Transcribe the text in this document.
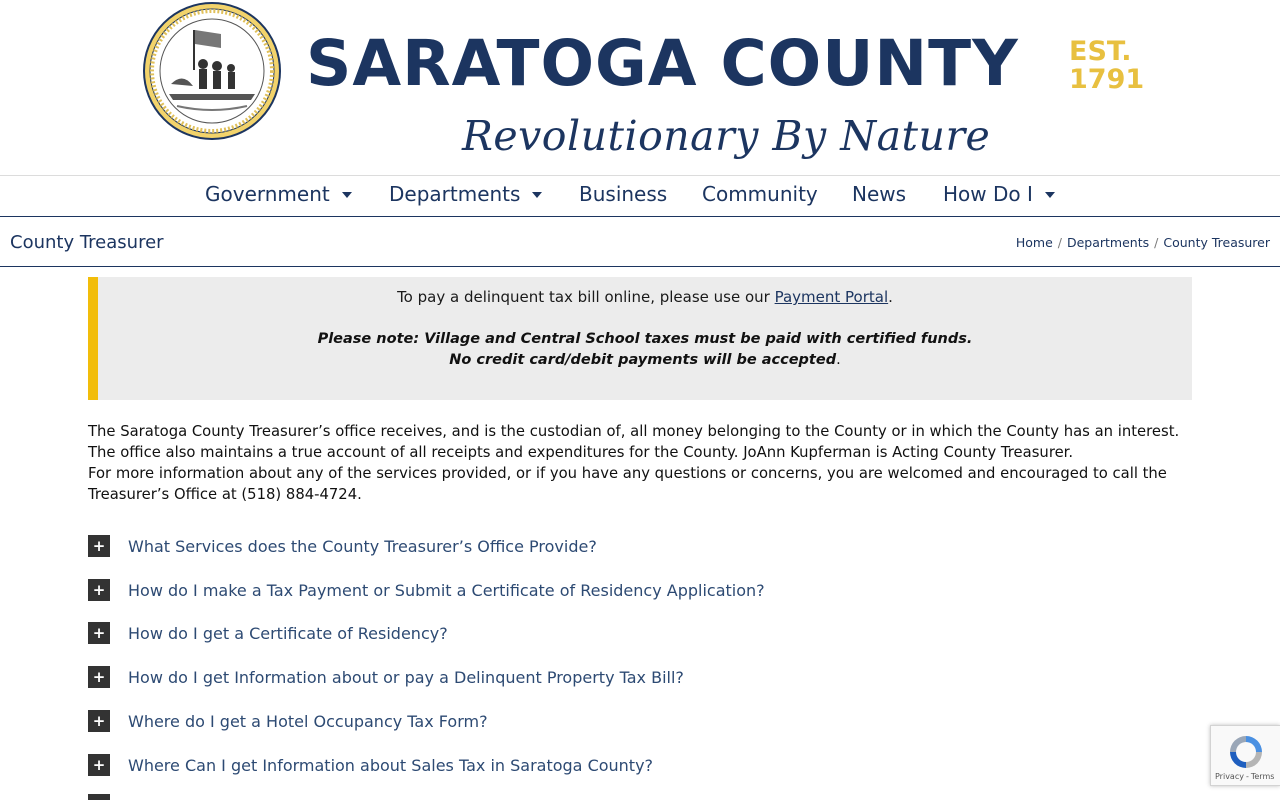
SARATOGA COUNTY EST.
1791
Revolutionary By Nature
Government	Departments	Business Community News How Do I
County Treasurer	Home / Departments / County Treasurer
To pay a delinquent tax bill online, please use our Payment Portal.
Please note: Village and Central School taxes must be paid with certified funds.
No credit card/debit payments will be accepted.

The Saratoga County Treasurer’s office receives, and is the custodian of, all money belonging to the County or in which the County has an interest. The office also maintains a true account of all receipts and expenditures for the County. JoAnn Kupferman is Acting County Treasurer.

For more information about any of the services provided, or if you have any questions or concerns, you are welcomed and encouraged to call the Treasurer’s Office at (518) 884-4724.

+ What Services does the County Treasurer’s Office Provide?
+ How do I make a Tax Payment or Submit a Certificate of Residency Application?
+ How do I get a Certificate of Residency?
+ How do I get Information about or pay a Delinquent Property Tax Bill?
+ Where do I get a Hotel Occupancy Tax Form?
+ Where Can I get Information about Sales Tax in Saratoga County?
Privacy - Terms
